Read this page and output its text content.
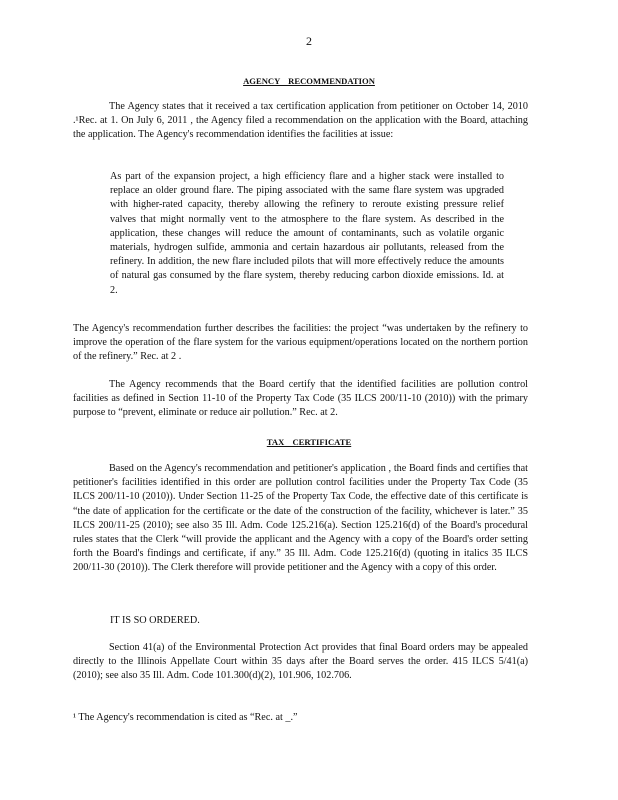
2
AGENCY RECOMMENDATION

The Agency states that it received a tax certification application from petitioner on October 14, 2010 .¹Rec. at 1. On July 6, 2011 , the Agency filed a recommendation on the application with the Board, attaching the application. The Agency's recommendation identifies the facilities at issue:

As part of the expansion project, a high efficiency flare and a higher stack were installed to replace an older ground flare. The piping associated with the same flare system was upgraded with higher-rated capacity, thereby allowing the refinery to reroute existing pressure relief valves that might normally vent to the atmosphere to the flare system. As described in the application, these changes will reduce the amount of contaminants, such as volatile organic materials, hydrogen sulfide, ammonia and certain hazardous air pollutants, released from the refinery. In addition, the new flare included pilots that will more effectively reduce the amounts of natural gas consumed by the flare system, thereby reducing carbon dioxide emissions. Id. at 2.

The Agency's recommendation further describes the facilities: the project “was undertaken by the refinery to improve the operation of the flare system for the various equipment/operations located on the northern portion of the refinery.” Rec. at 2 .

The Agency recommends that the Board certify that the identified facilities are pollution control facilities as defined in Section 11-10 of the Property Tax Code (35 ILCS 200/11-10 (2010)) with the primary purpose to “prevent, eliminate or reduce air pollution.” Rec. at 2.

TAX CERTIFICATE

Based on the Agency's recommendation and petitioner's application , the Board finds and certifies that petitioner's facilities identified in this order are pollution control facilities under the Property Tax Code (35 ILCS 200/11-10 (2010)). Under Section 11-25 of the Property Tax Code, the effective date of this certificate is “the date of application for the certificate or the date of the construction of the facility, whichever is later.” 35 ILCS 200/11-25 (2010); see also 35 Ill. Adm. Code 125.216(a). Section 125.216(d) of the Board's procedural rules states that the Clerk “will provide the applicant and the Agency with a copy of the Board's order setting forth the Board's findings and certificate, if any.” 35 Ill. Adm. Code 125.216(d) (quoting in italics 35 ILCS 200/11-30 (2010)). The Clerk therefore will provide petitioner and the Agency with a copy of this order.

IT IS SO ORDERED.

Section 41(a) of the Environmental Protection Act provides that final Board orders may be appealed directly to the Illinois Appellate Court within 35 days after the Board serves the order. 415 ILCS 5/41(a) (2010); see also 35 Ill. Adm. Code 101.300(d)(2), 101.906, 102.706.

¹ The Agency's recommendation is cited as “Rec. at _.”
